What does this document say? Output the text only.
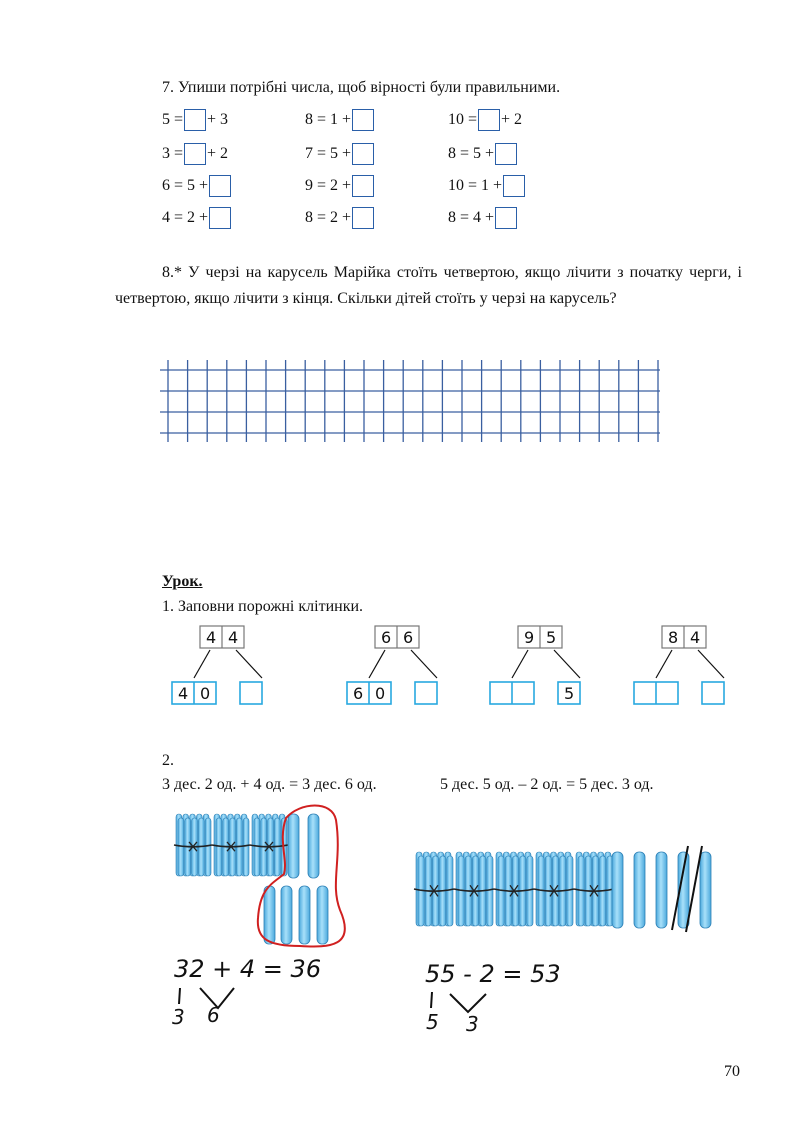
7. Упиши потрібні числа, щоб вірності були правильними.
5 = + 3
3 = + 2
6 = 5 +
4 = 2 +
8 = 1 +
7 = 5 +
9 = 2 +
8 = 2 +
10 = + 2
8 = 5 +
10 = 1 +
8 = 4 +
8.* У черзі на карусель Марійка стоїть четвертою, якщо лічити з початку черги, і четвертою, якщо лічити з кінця. Скільки дітей стоїть у черзі на карусель?
Урок.
1. Заповни порожні клітинки.
4 4
4 0
6 6
6 0
9 5
5
8 4
2.
3 дес. 2 од. + 4 од. = 3 дес. 6 од.	5 дес. 5 од. – 2 од. = 5 дес. 3 од.
32 + 4 = 36
3 6
55 - 2 = 53
5 3
70
